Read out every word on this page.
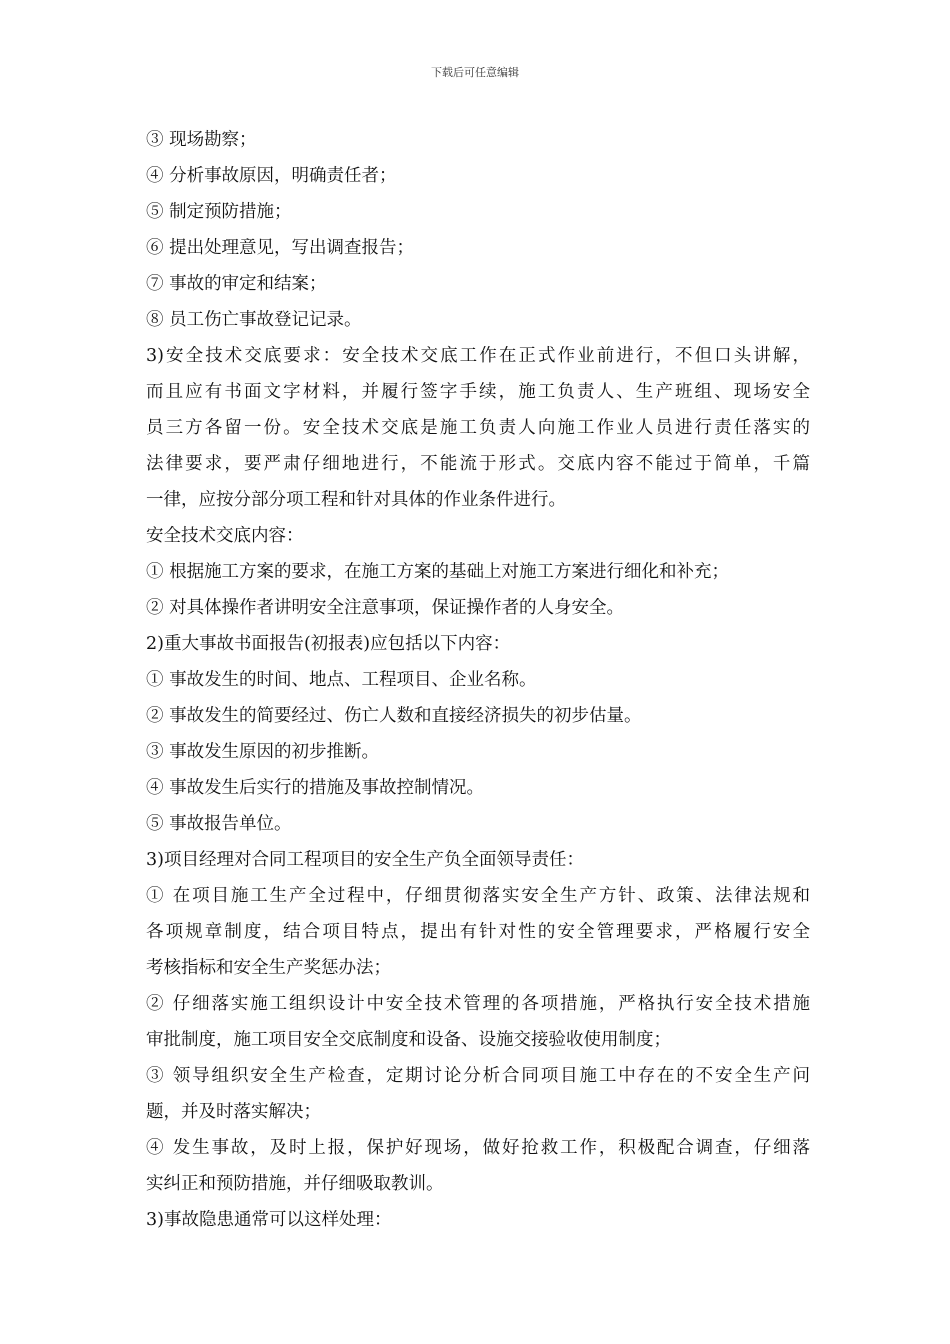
下载后可任意编辑
③ 现场勘察；
④ 分析事故原因，明确责任者；
⑤ 制定预防措施；
⑥ 提出处理意见，写出调查报告；
⑦ 事故的审定和结案；
⑧ 员工伤亡事故登记记录。
3)安全技术交底要求：安全技术交底工作在正式作业前进行，不但口头讲解，
而且应有书面文字材料，并履行签字手续，施工负责人、生产班组、现场安全
员三方各留一份。安全技术交底是施工负责人向施工作业人员进行责任落实的
法律要求，要严肃仔细地进行，不能流于形式。交底内容不能过于简单，千篇
一律，应按分部分项工程和针对具体的作业条件进行。
安全技术交底内容：
① 根据施工方案的要求，在施工方案的基础上对施工方案进行细化和补充；
② 对具体操作者讲明安全注意事项，保证操作者的人身安全。
2)重大事故书面报告(初报表)应包括以下内容：
① 事故发生的时间、地点、工程项目、企业名称。
② 事故发生的简要经过、伤亡人数和直接经济损失的初步估量。
③ 事故发生原因的初步推断。
④ 事故发生后实行的措施及事故控制情况。
⑤ 事故报告单位。
3)项目经理对合同工程项目的安全生产负全面领导责任：
① 在项目施工生产全过程中，仔细贯彻落实安全生产方针、政策、法律法规和
各项规章制度，结合项目特点，提出有针对性的安全管理要求，严格履行安全
考核指标和安全生产奖惩办法；
② 仔细落实施工组织设计中安全技术管理的各项措施，严格执行安全技术措施
审批制度，施工项目安全交底制度和设备、设施交接验收使用制度；
③ 领导组织安全生产检查，定期讨论分析合同项目施工中存在的不安全生产问
题，并及时落实解决；
④ 发生事故，及时上报，保护好现场，做好抢救工作，积极配合调查，仔细落
实纠正和预防措施，并仔细吸取教训。
3)事故隐患通常可以这样处理：
